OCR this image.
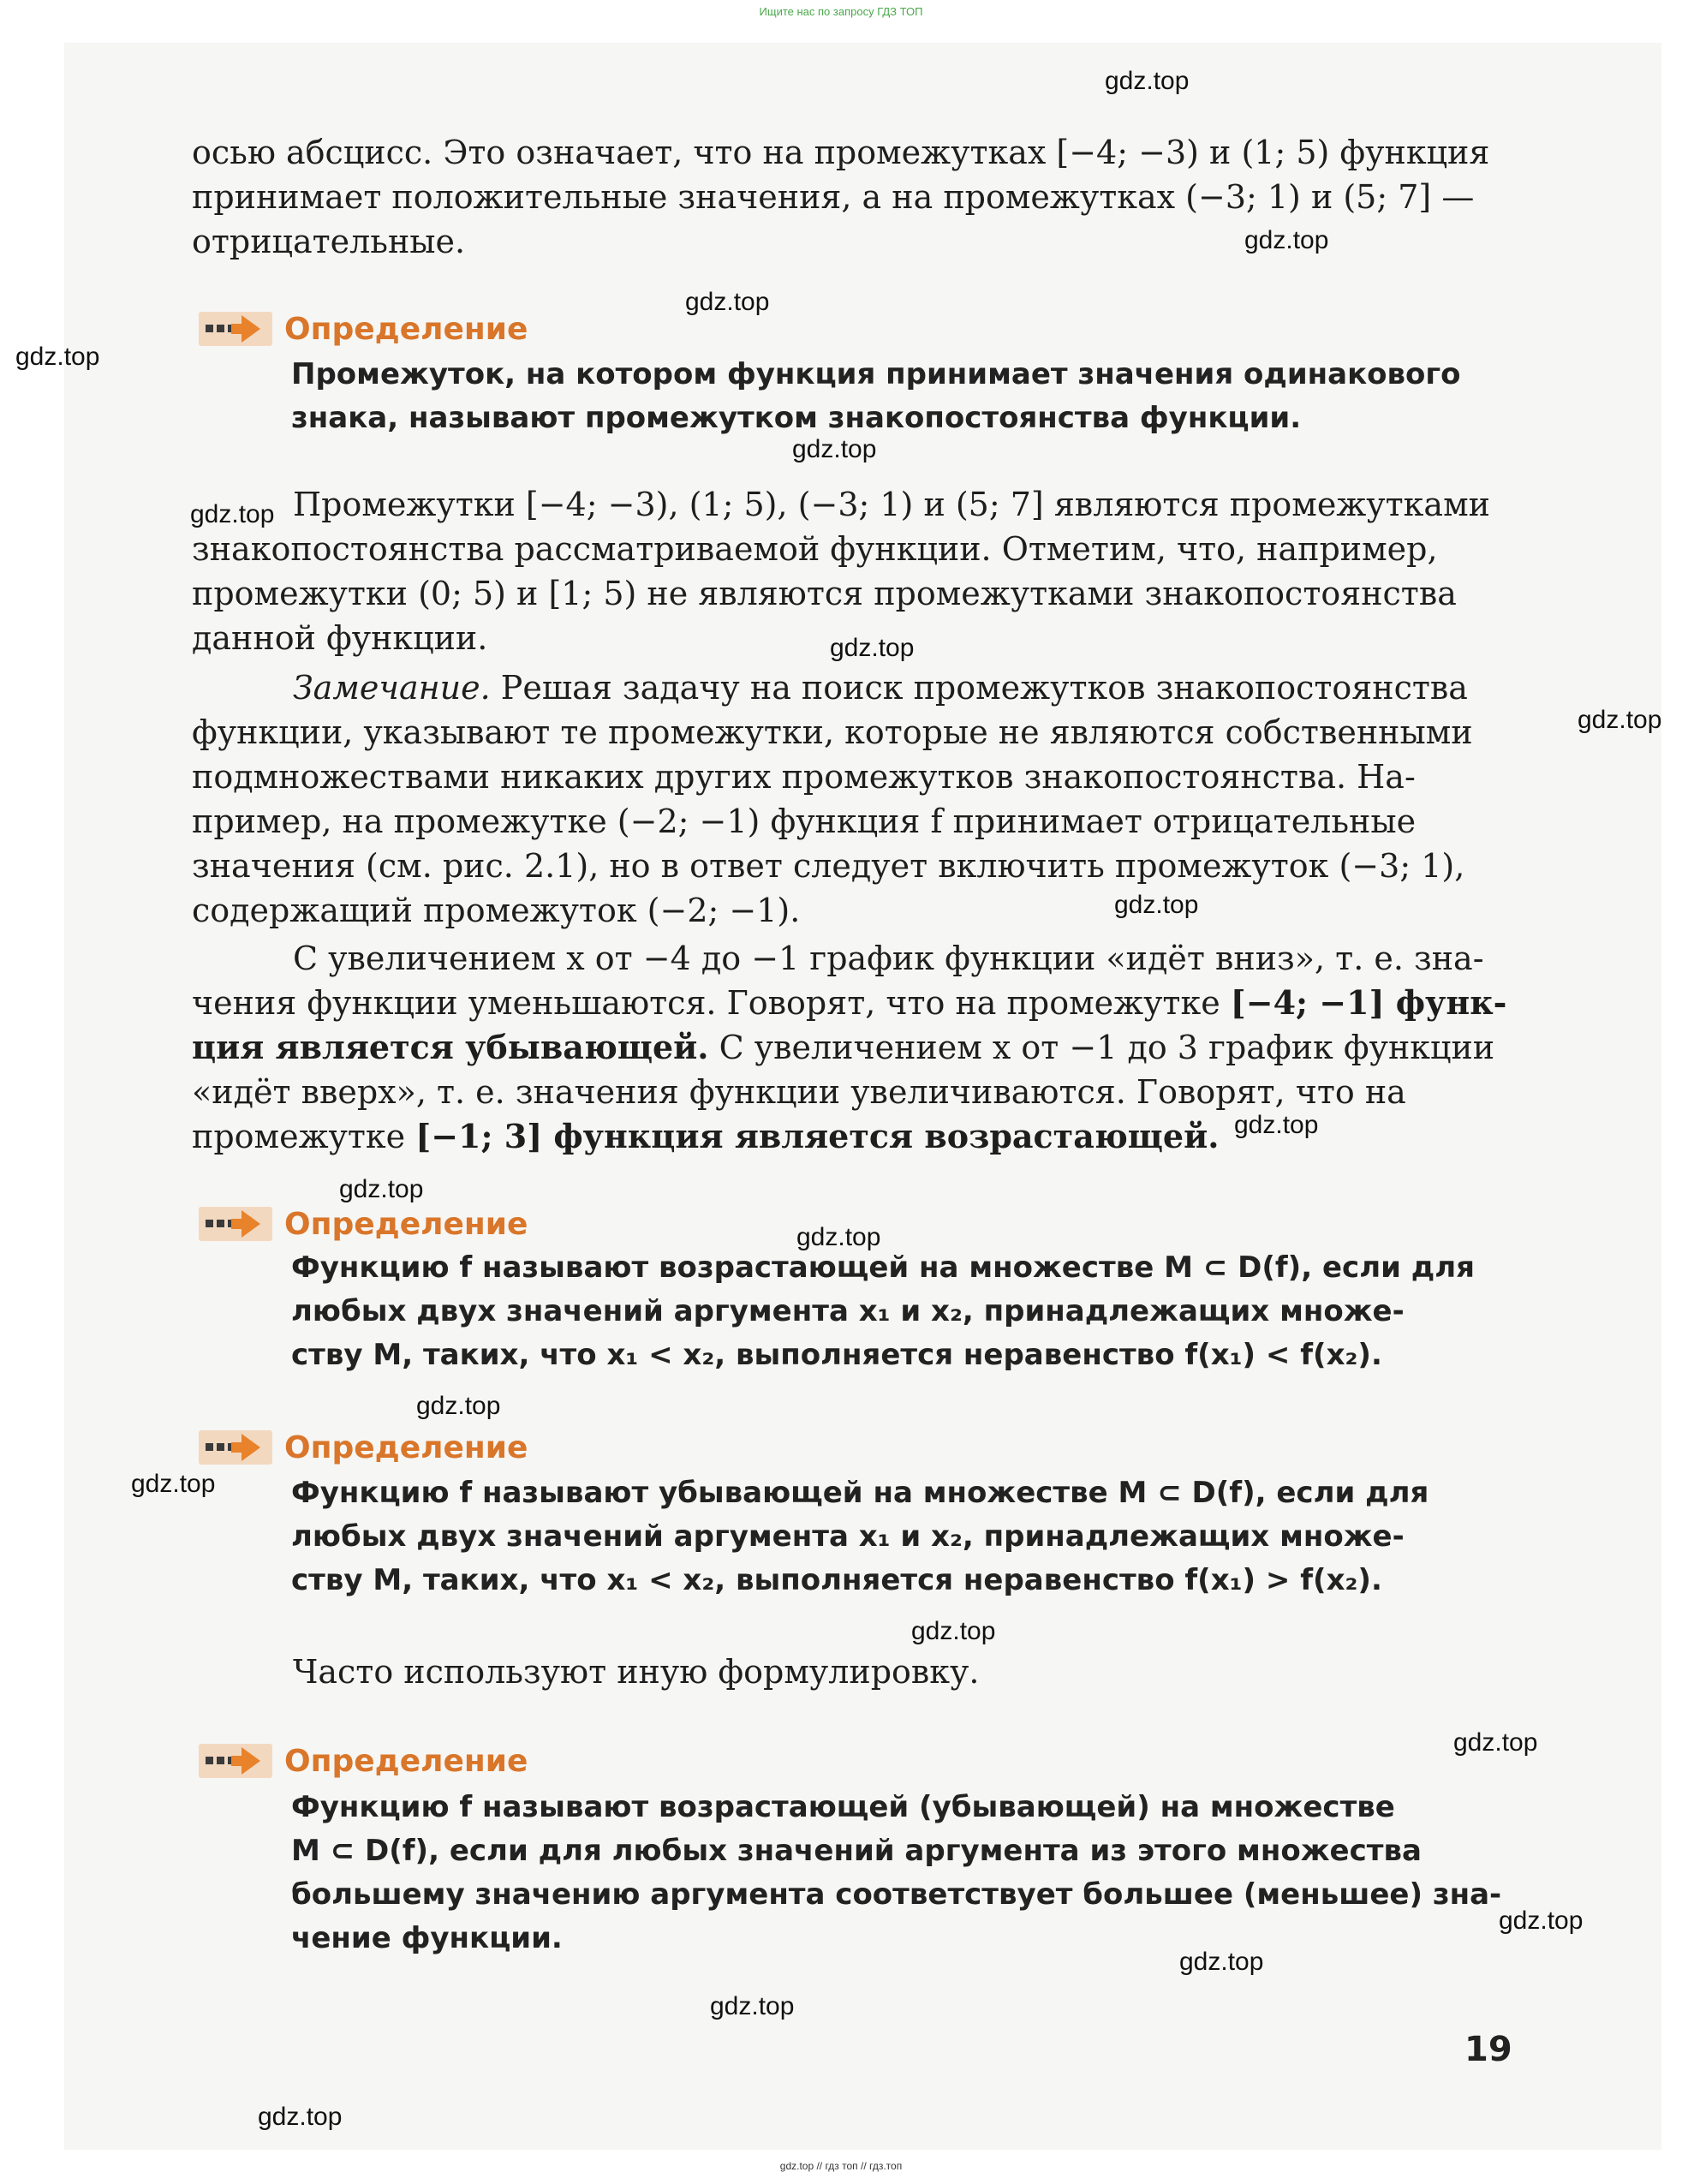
Ищите нас по запросу ГДЗ ТОП
осью абсцисс. Это означает, что на промежутках [−4; −3) и (1; 5) функция
принимает положительные значения, а на промежутках (−3; 1) и (5; 7] —
отрицательные.
Определение
Промежуток, на котором функция принимает значения одинакового
знака, называют промежутком знакопостоянства функции.
Промежутки [−4; −3), (1; 5), (−3; 1) и (5; 7] являются промежутками
знакопостоянства рассматриваемой функции. Отметим, что, например,
промежутки (0; 5) и [1; 5) не являются промежутками знакопостоянства
данной функции.
Замечание. Решая задачу на поиск промежутков знакопостоянства
функции, указывают те промежутки, которые не являются собственными
подмножествами никаких других промежутков знакопостоянства. На-
пример, на промежутке (−2; −1) функция f принимает отрицательные
значения (см. рис. 2.1), но в ответ следует включить промежуток (−3; 1),
содержащий промежуток (−2; −1).
С увеличением x от −4 до −1 график функции «идёт вниз», т. е. зна-
чения функции уменьшаются. Говорят, что на промежутке [−4; −1] функ-
ция является убывающей. С увеличением x от −1 до 3 график функции
«идёт вверх», т. е. значения функции увеличиваются. Говорят, что на
промежутке [−1; 3] функция является возрастающей.
Определение
Функцию f называют возрастающей на множестве M ⊂ D(f), если для
любых двух значений аргумента x₁ и x₂, принадлежащих множе-
ству M, таких, что x₁ < x₂, выполняется неравенство f(x₁) < f(x₂).
Определение
Функцию f называют убывающей на множестве M ⊂ D(f), если для
любых двух значений аргумента x₁ и x₂, принадлежащих множе-
ству M, таких, что x₁ < x₂, выполняется неравенство f(x₁) > f(x₂).
Часто используют иную формулировку.
Определение
Функцию f называют возрастающей (убывающей) на множестве
M ⊂ D(f), если для любых значений аргумента из этого множества
большему значению аргумента соответствует большее (меньшее) зна-
чение функции.
19
gdz.top
gdz.top
gdz.top
gdz.top
gdz.top
gdz.top
gdz.top
gdz.top
gdz.top
gdz.top
gdz.top
gdz.top
gdz.top
gdz.top
gdz.top
gdz.top
gdz.top
gdz.top
gdz.top
gdz.top
gdz.top // гдз топ // гдз.топ
